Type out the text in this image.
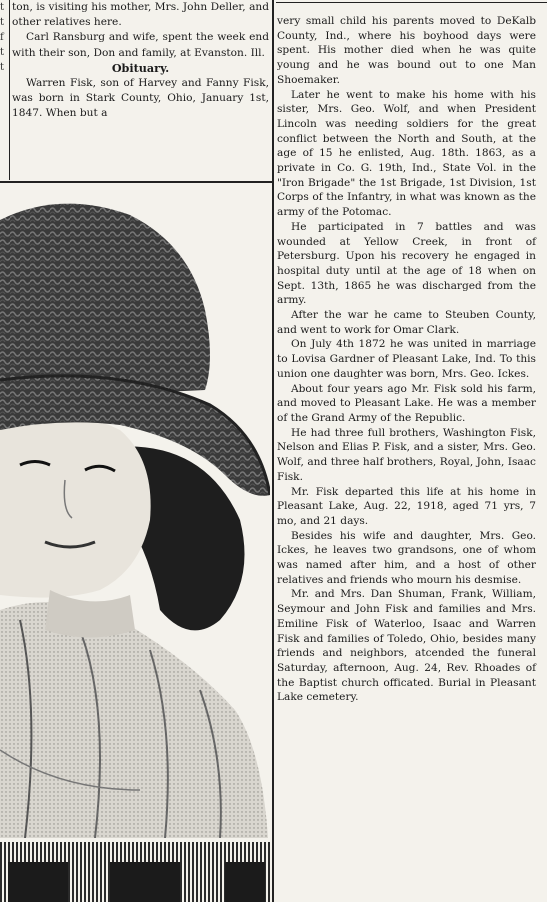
t
t
f
t
t

ton, is visiting his mother, Mrs. John Deller, and other relatives here.

Carl Ransburg and wife, spent the week end with their son, Don and family, at Evanston. Ill.

Obituary.

Warren Fisk, son of Harvey and Fanny Fisk, was born in Stark County, Ohio, January 1st, 1847. When but a

very small child his parents moved to DeKalb County, Ind., where his boyhood days were spent. His mother died when he was quite young and he was bound out to one Man Shoemaker.

Later he went to make his home with his sister, Mrs. Geo. Wolf, and when President Lincoln was needing soldiers for the great conflict between the North and South, at the age of 15 he enlisted, Aug. 18th. 1863, as a private in Co. G. 19th, Ind., State Vol. in the "Iron Brigade" the 1st Brigade, 1st Division, 1st Corps of the Infantry, in what was known as the army of the Potomac.

He participated in 7 battles and was wounded at Yellow Creek, in front of Petersburg. Upon his recovery he engaged in hospital duty until at the age of 18 when on Sept. 13th, 1865 he was discharged from the army.

After the war he came to Steuben County, and went to work for Omar Clark.

On July 4th 1872 he was united in marriage to Lovisa Gardner of Pleasant Lake, Ind. To this union one daughter was born, Mrs. Geo. Ickes.

About four years ago Mr. Fisk sold his farm, and moved to Pleasant Lake. He was a member of the Grand Army of the Republic.

He had three full brothers, Washington Fisk, Nelson and Elias P. Fisk, and a sister, Mrs. Geo. Wolf, and three half brothers, Royal, John, Isaac Fisk.

Mr. Fisk departed this life at his home in Pleasant Lake, Aug. 22, 1918, aged 71 yrs, 7 mo, and 21 days.

Besides his wife and daughter, Mrs. Geo. Ickes, he leaves two grandsons, one of whom was named after him, and a host of other relatives and friends who mourn his desmise.

Mr. and Mrs. Dan Shuman, Frank, William, Seymour and John Fisk and families and Mrs. Emiline Fisk of Waterloo, Isaac and Warren Fisk and families of Toledo, Ohio, besides many friends and neighbors, atcended the funeral Saturday, afternoon, Aug. 24, Rev. Rhoades of the Baptist church officated. Burial in Pleasant Lake cemetery.
